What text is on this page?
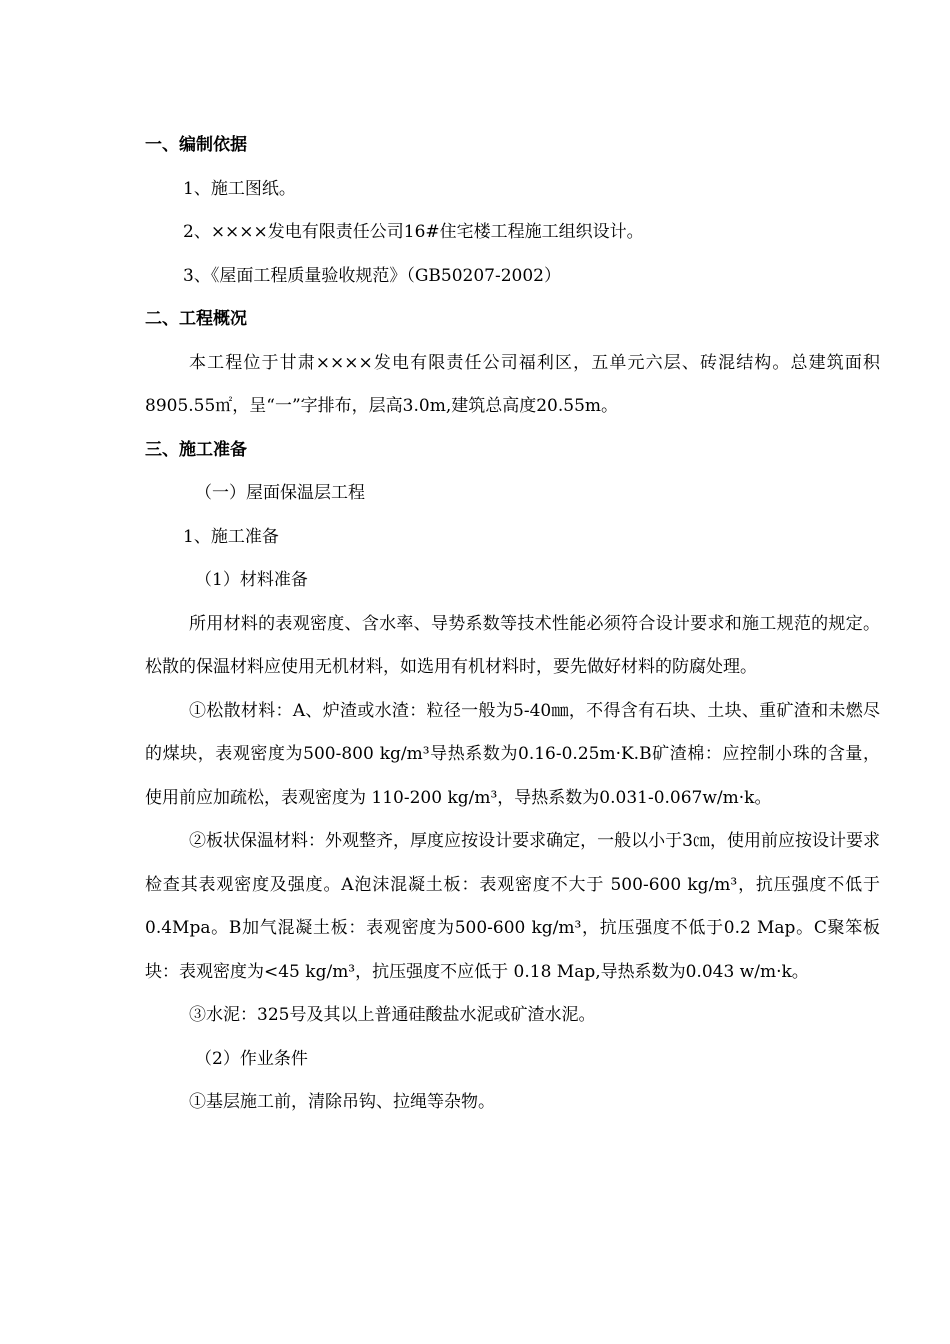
一、编制依据

1、施工图纸。

2、××××发电有限责任公司16#住宅楼工程施工组织设计。

3、《屋面工程质量验收规范》（GB50207-2002）

二、工程概况

本工程位于甘肃××××发电有限责任公司福利区，五单元六层、砖混结构。总建筑面积8905.55㎡，呈“一”字排布，层高3.0m,建筑总高度20.55m。

三、施工准备

（一）屋面保温层工程

1、施工准备

（1）材料准备

所用材料的表观密度、含水率、导势系数等技术性能必须符合设计要求和施工规范的规定。松散的保温材料应使用无机材料，如选用有机材料时，要先做好材料的防腐处理。

①松散材料：A、炉渣或水渣：粒径一般为5-40㎜，不得含有石块、土块、重矿渣和未燃尽的煤块，表观密度为500-800 kg/m³导热系数为0.16-0.25m·K.B矿渣棉：应控制小珠的含量，使用前应加疏松，表观密度为 110-200 kg/m³，导热系数为0.031-0.067w/m·k。

②板状保温材料：外观整齐，厚度应按设计要求确定，一般以小于3㎝，使用前应按设计要求检查其表观密度及强度。A泡沫混凝土板：表观密度不大于 500-600 kg/m³，抗压强度不低于0.4Mpa。B加气混凝土板：表观密度为500-600 kg/m³，抗压强度不低于0.2 Map。C聚笨板块：表观密度为<45 kg/m³，抗压强度不应低于 0.18 Map,导热系数为0.043 w/m·k。

③水泥：325号及其以上普通硅酸盐水泥或矿渣水泥。

（2）作业条件

①基层施工前，清除吊钩、拉绳等杂物。
